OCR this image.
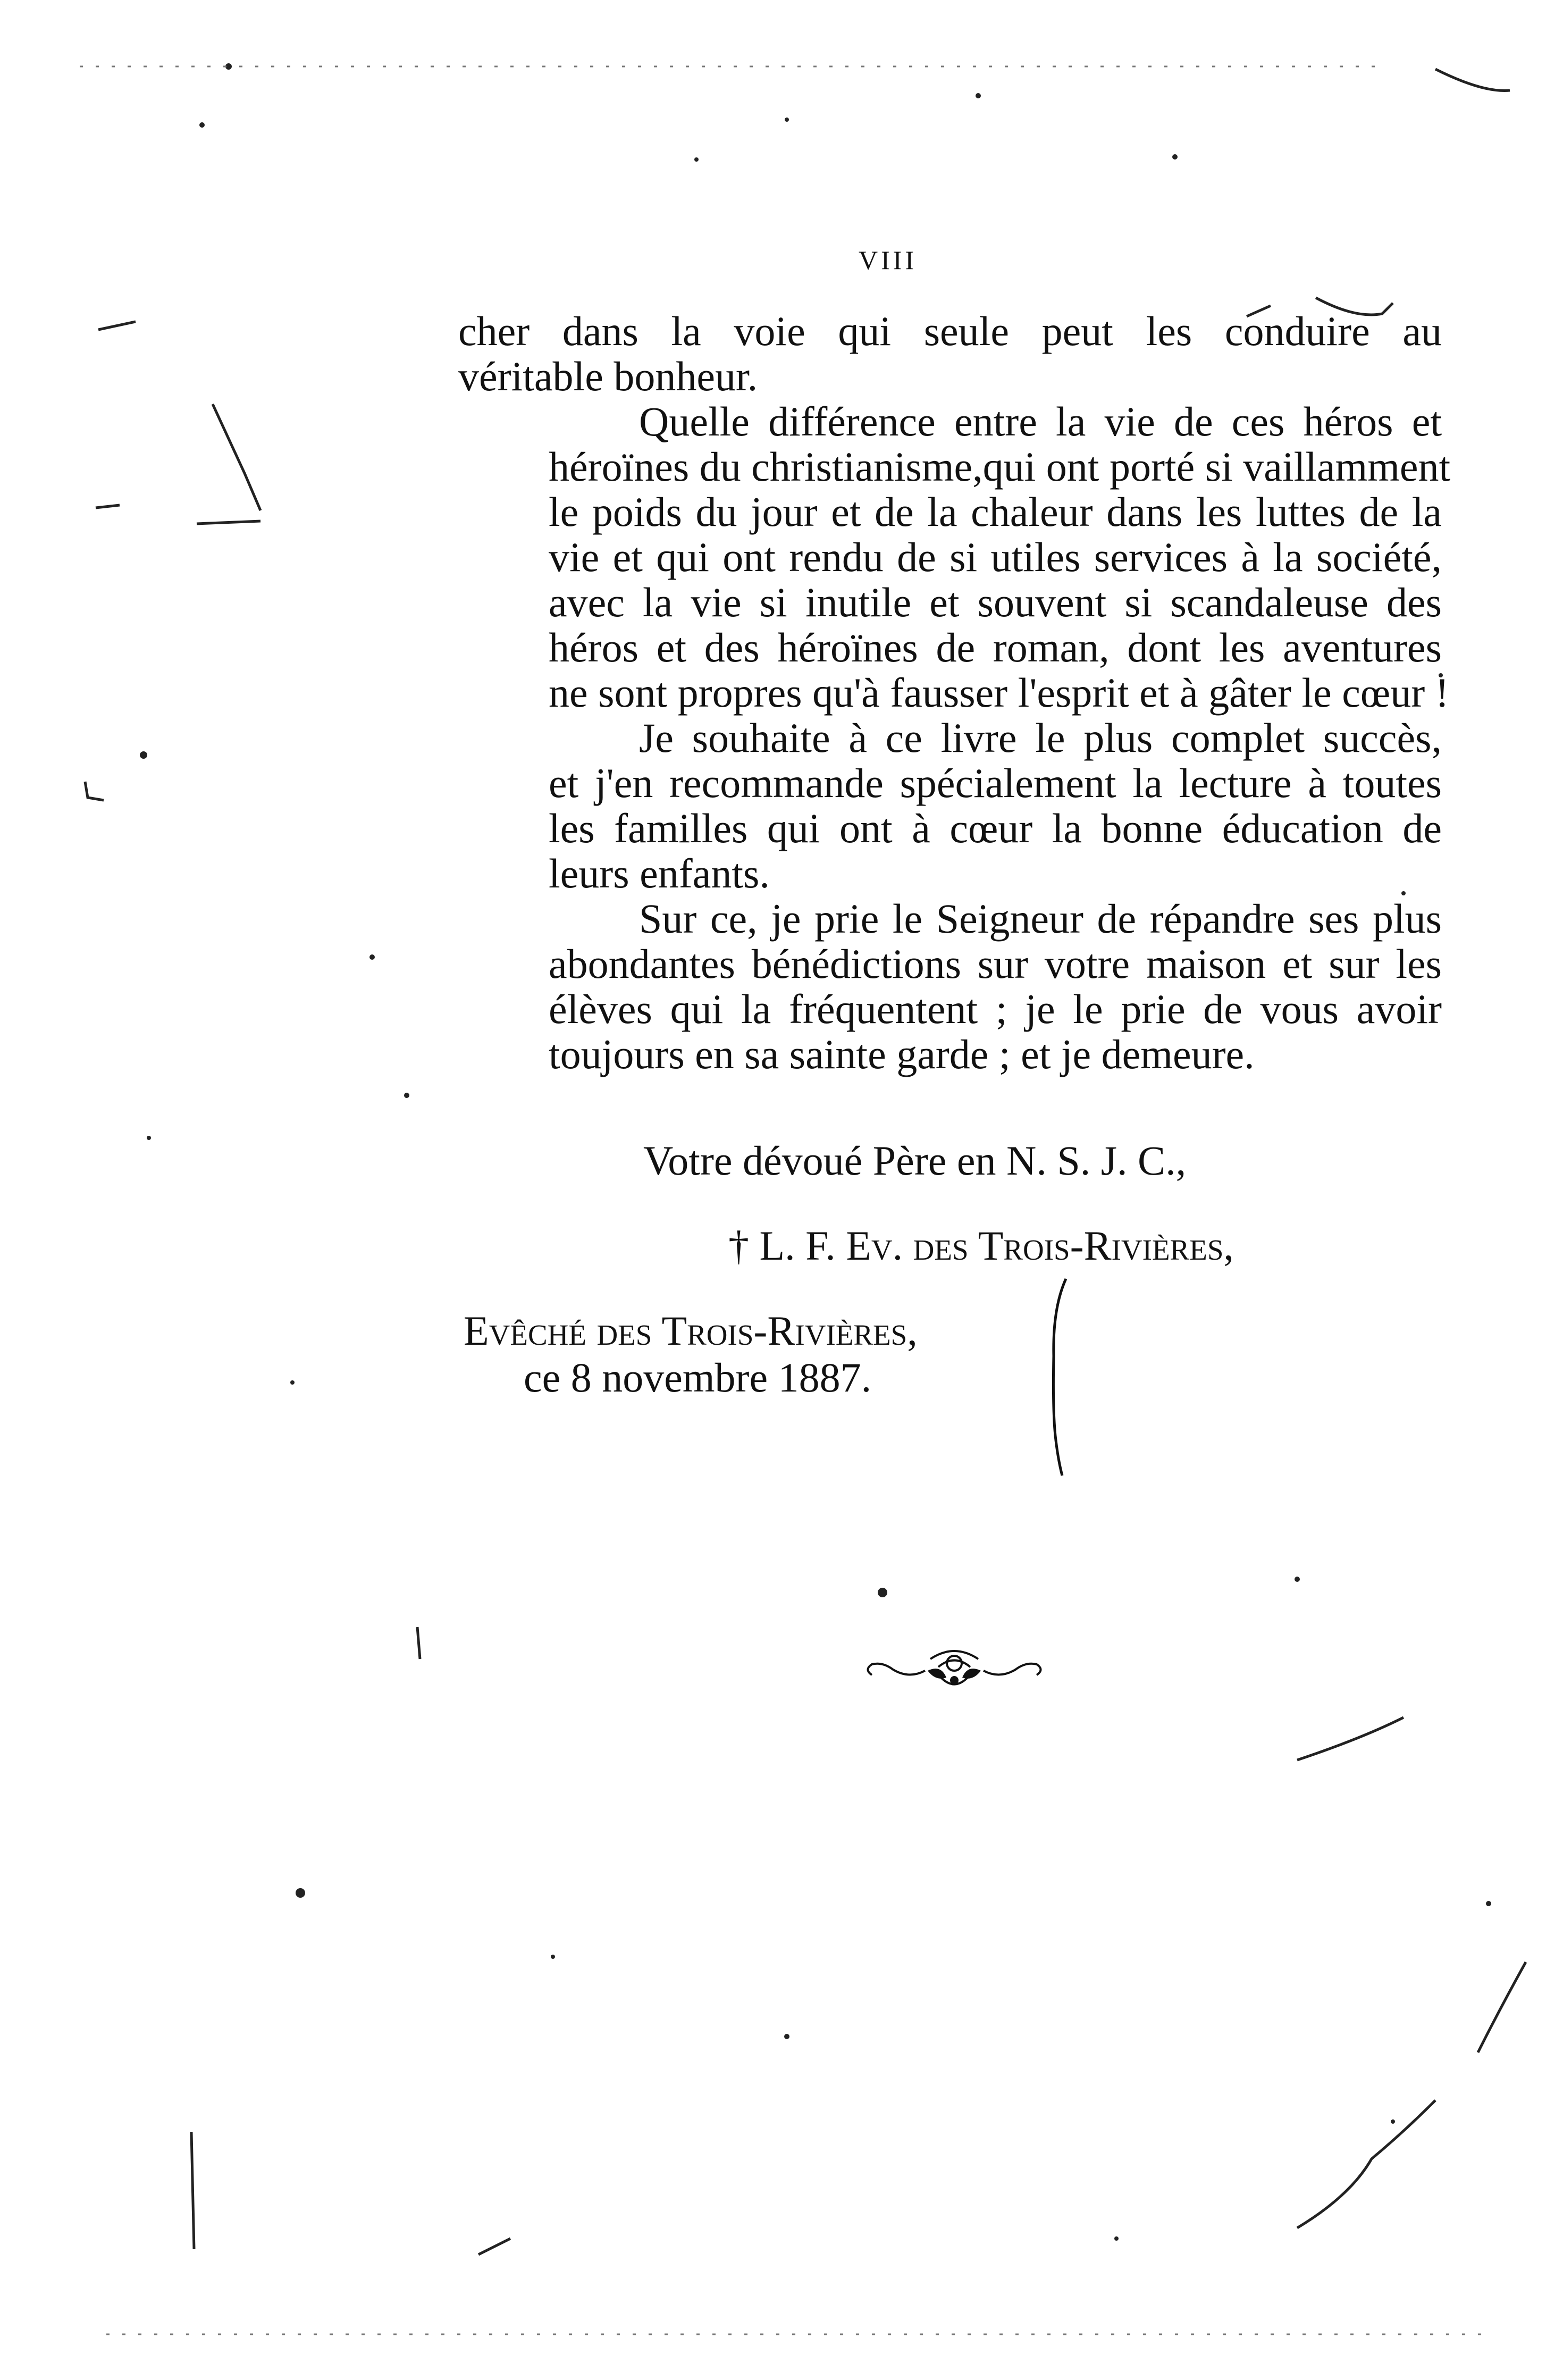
VIII
cher dans la voie qui seule peut les conduire au
véritable bonheur.
Quelle différence entre la vie de ces héros et
héroïnes du christianisme,qui ont porté si vaillamment
le poids du jour et de la chaleur dans les luttes de la
vie et qui ont rendu de si utiles services à la société,
avec la vie si inutile et souvent si scandaleuse des
héros et des héroïnes de roman, dont les aventures
ne sont propres qu'à fausser l'esprit et à gâter le cœur !
Je souhaite à ce livre le plus complet succès,
et j'en recommande spécialement la lecture à toutes
les familles qui ont à cœur la bonne éducation de
leurs enfants.
Sur ce, je prie le Seigneur de répandre ses plus
abondantes bénédictions sur votre maison et sur les
élèves qui la fréquentent ; je le prie de vous avoir
toujours en sa sainte garde ; et je demeure.
Votre dévoué Père en N. S. J. C.,
† L. F. Ev. des Trois-Rivières,
Evêché des Trois-Rivières,
ce 8 novembre 1887.
